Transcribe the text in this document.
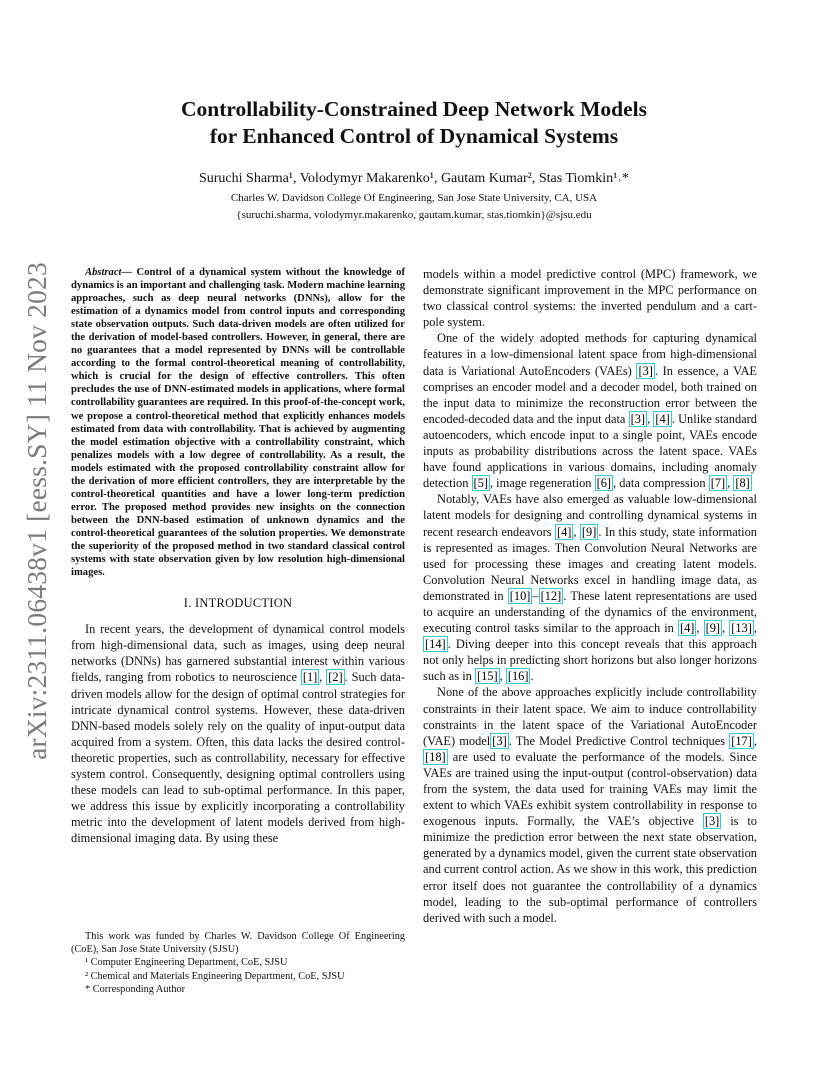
arXiv:2311.06438v1 [eess.SY] 11 Nov 2023
Controllability-Constrained Deep Network Models
for Enhanced Control of Dynamical Systems
Suruchi Sharma¹, Volodymyr Makarenko¹, Gautam Kumar², Stas Tiomkin¹˒*
Charles W. Davidson College Of Engineering, San Jose State University, CA, USA
{suruchi.sharma, volodymyr.makarenko, gautam.kumar, stas.tiomkin}@sjsu.edu

Abstract— Control of a dynamical system without the knowledge of dynamics is an important and challenging task. Modern machine learning approaches, such as deep neural networks (DNNs), allow for the estimation of a dynamics model from control inputs and corresponding state observation outputs. Such data-driven models are often utilized for the derivation of model-based controllers. However, in general, there are no guarantees that a model represented by DNNs will be controllable according to the formal control-theoretical meaning of controllability, which is crucial for the design of effective controllers. This often precludes the use of DNN-estimated models in applications, where formal controllability guarantees are required. In this proof-of-the-concept work, we propose a control-theoretical method that explicitly enhances models estimated from data with controllability. That is achieved by augmenting the model estimation objective with a controllability constraint, which penalizes models with a low degree of controllability. As a result, the models estimated with the proposed controllability constraint allow for the derivation of more efficient controllers, they are interpretable by the control-theoretical quantities and have a lower long-term prediction error. The proposed method provides new insights on the connection between the DNN-based estimation of unknown dynamics and the control-theoretical guarantees of the solution properties. We demonstrate the superiority of the proposed method in two standard classical control systems with state observation given by low resolution high-dimensional images.

I. INTRODUCTION

In recent years, the development of dynamical control models from high-dimensional data, such as images, using deep neural networks (DNNs) has garnered substantial interest within various fields, ranging from robotics to neuroscience [1] , [2] . Such data-driven models allow for the design of optimal control strategies for intricate dynamical control systems. However, these data-driven DNN-based models solely rely on the quality of input-output data acquired from a system. Often, this data lacks the desired control-theoretic properties, such as controllability, necessary for effective system control. Consequently, designing optimal controllers using these models can lead to sub-optimal performance. In this paper, we address this issue by explicitly incorporating a controllability metric into the development of latent models derived from high-dimensional imaging data. By using these

This work was funded by Charles W. Davidson College Of Engineering (CoE), San Jose State University (SJSU)

¹ Computer Engineering Department, CoE, SJSU

² Chemical and Materials Engineering Department, CoE, SJSU

* Corresponding Author

models within a model predictive control (MPC) framework, we demonstrate significant improvement in the MPC performance on two classical control systems: the inverted pendulum and a cart-pole system.

One of the widely adopted methods for capturing dynamical features in a low-dimensional latent space from high-dimensional data is Variational AutoEncoders (VAEs) [3] . In essence, a VAE comprises an encoder model and a decoder model, both trained on the input data to minimize the reconstruction error between the encoded-decoded data and the input data [3] , [4] . Unlike standard autoencoders, which encode input to a single point, VAEs encode inputs as probability distributions across the latent space. VAEs have found applications in various domains, including anomaly detection [5] , image regeneration [6] , data compression [7] , [8]

Notably, VAEs have also emerged as valuable low-dimensional latent models for designing and controlling dynamical systems in recent research endeavors [4] , [9] . In this study, state information is represented as images. Then Convolution Neural Networks are used for processing these images and creating latent models. Convolution Neural Networks excel in handling image data, as demonstrated in [10] – [12] . These latent representations are used to acquire an understanding of the dynamics of the environment, executing control tasks similar to the approach in [4] , [9] , [13] , [14] . Diving deeper into this concept reveals that this approach not only helps in predicting short horizons but also longer horizons such as in [15] , [16] .

None of the above approaches explicitly include controllability constraints in their latent space. We aim to induce controllability constraints in the latent space of the Variational AutoEncoder (VAE) model [3] . The Model Predictive Control techniques [17] , [18] are used to evaluate the performance of the models. Since VAEs are trained using the input-output (control-observation) data from the system, the data used for training VAEs may limit the extent to which VAEs exhibit system controllability in response to exogenous inputs. Formally, the VAE’s objective [3] is to minimize the prediction error between the next state observation, generated by a dynamics model, given the current state observation and current control action. As we show in this work, this prediction error itself does not guarantee the controllability of a dynamics model, leading to the sub-optimal performance of controllers derived with such a model.
